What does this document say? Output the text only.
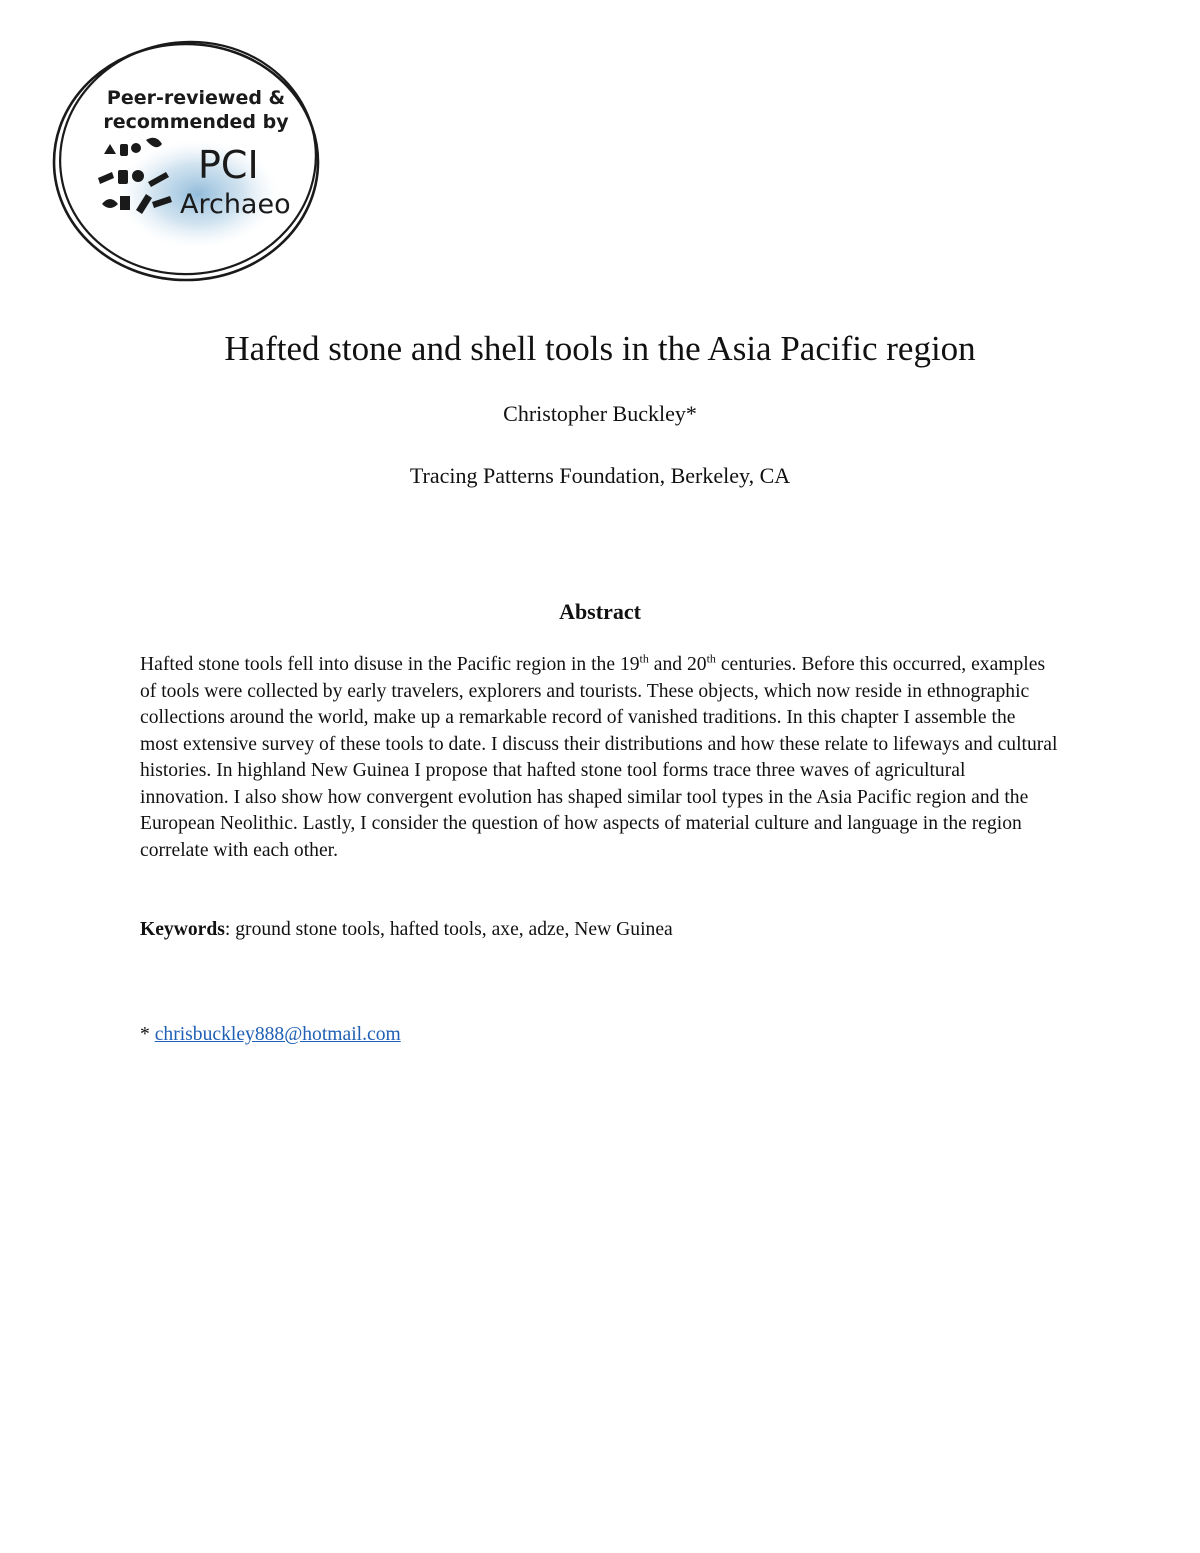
Peer-reviewed &
recommended by
PCI
Archaeo
Hafted stone and shell tools in the Asia Pacific region
Christopher Buckley*
Tracing Patterns Foundation, Berkeley, CA
Abstract

Hafted stone tools fell into disuse in the Pacific region in the 19th and 20th centuries. Before this occurred, examples of tools were collected by early travelers, explorers and tourists. These objects, which now reside in ethnographic collections around the world, make up a remarkable record of vanished traditions. In this chapter I assemble the most extensive survey of these tools to date. I discuss their distributions and how these relate to lifeways and cultural histories. In highland New Guinea I propose that hafted stone tool forms trace three waves of agricultural innovation. I also show how convergent evolution has shaped similar tool types in the Asia Pacific region and the European Neolithic. Lastly, I consider the question of how aspects of material culture and language in the region correlate with each other.

Keywords: ground stone tools, hafted tools, axe, adze, New Guinea

* chrisbuckley888@hotmail.com
